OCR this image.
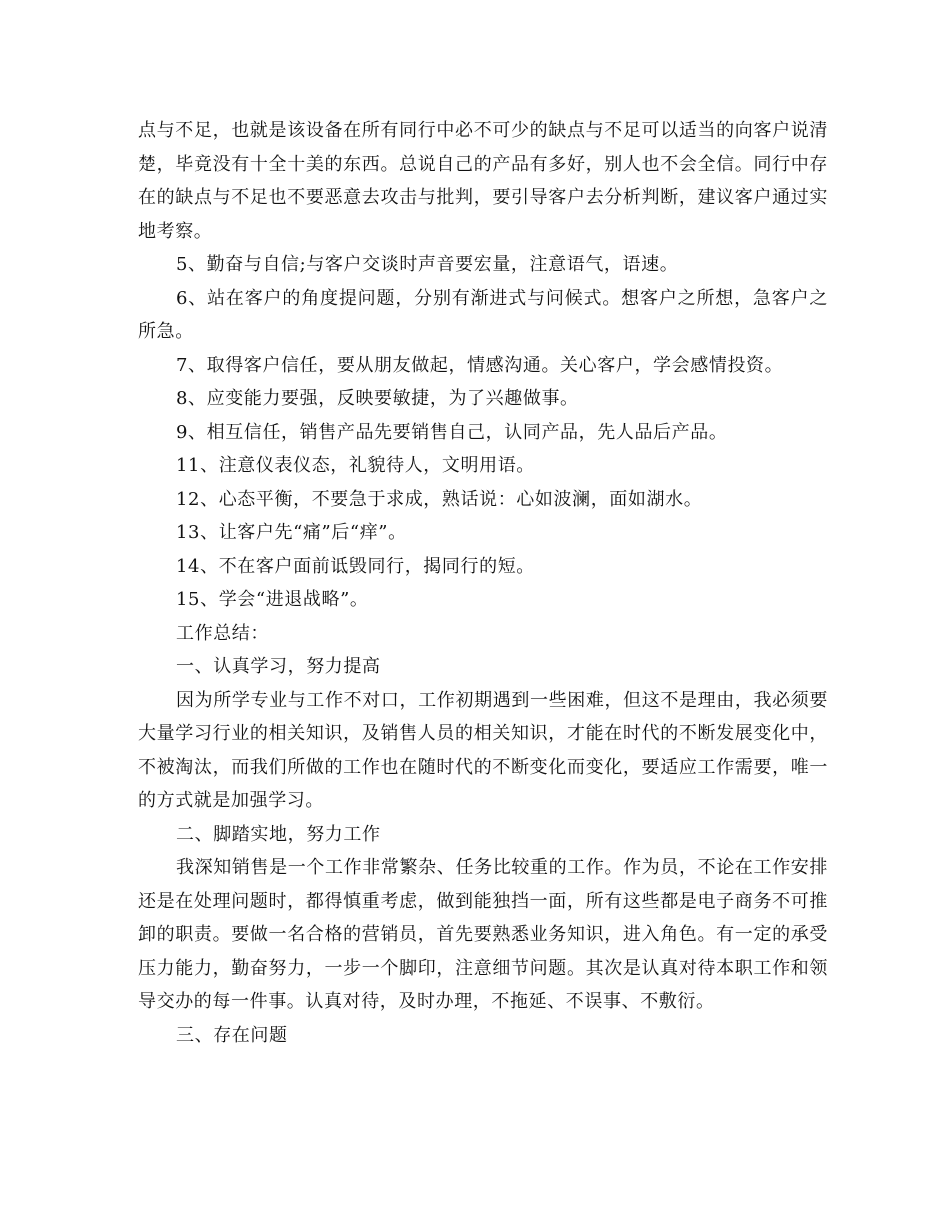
点与不足，也就是该设备在所有同行中必不可少的缺点与不足可以适当的向客户说清楚，毕竟没有十全十美的东西。总说自己的产品有多好，别人也不会全信。同行中存在的缺点与不足也不要恶意去攻击与批判，要引导客户去分析判断，建议客户通过实地考察。

5、勤奋与自信;与客户交谈时声音要宏量，注意语气，语速。

6、站在客户的角度提问题，分别有渐进式与问候式。想客户之所想，急客户之所急。

7、取得客户信任，要从朋友做起，情感沟通。关心客户，学会感情投资。

8、应变能力要强，反映要敏捷，为了兴趣做事。

9、相互信任，销售产品先要销售自己，认同产品，先人品后产品。

11、注意仪表仪态，礼貌待人，文明用语。

12、心态平衡，不要急于求成，熟话说：心如波澜，面如湖水。

13、让客户先“痛”后“痒”。

14、不在客户面前诋毁同行，揭同行的短。

15、学会“进退战略”。

工作总结：

一、认真学习，努力提高

因为所学专业与工作不对口，工作初期遇到一些困难，但这不是理由，我必须要大量学习行业的相关知识，及销售人员的相关知识，才能在时代的不断发展变化中，不被淘汰，而我们所做的工作也在随时代的不断变化而变化，要适应工作需要，唯一的方式就是加强学习。

二、脚踏实地，努力工作

我深知销售是一个工作非常繁杂、任务比较重的工作。作为员，不论在工作安排还是在处理问题时，都得慎重考虑，做到能独挡一面，所有这些都是电子商务不可推卸的职责。要做一名合格的营销员，首先要熟悉业务知识，进入角色。有一定的承受压力能力，勤奋努力，一步一个脚印，注意细节问题。其次是认真对待本职工作和领导交办的每一件事。认真对待，及时办理，不拖延、不误事、不敷衍。

三、存在问题
